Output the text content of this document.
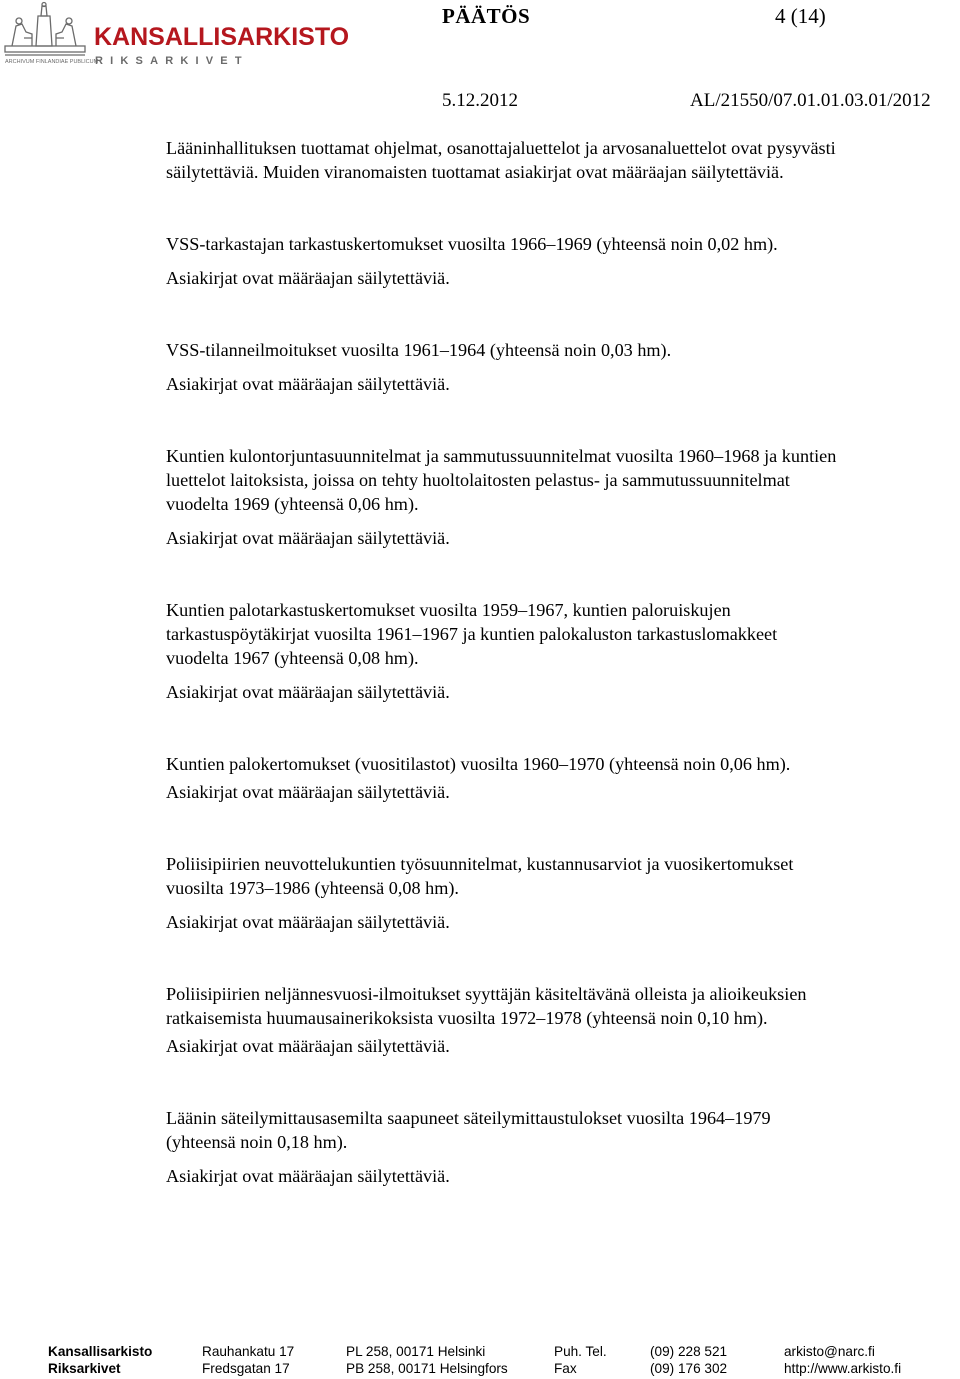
ARCHIVUM FINLANDIAE PUBLICUM
KANSALLISARKISTO
RIKSARKIVET
PÄÄTÖS	4 (14)
5.12.2012	AL/21550/07.01.01.03.01/2012

Lääninhallituksen tuottamat ohjelmat, osanottajaluettelot ja arvosanaluettelot ovat pysyvästi
säilytettäviä. Muiden viranomaisten tuottamat asiakirjat ovat määräajan säilytettäviä.

VSS-tarkastajan tarkastuskertomukset vuosilta 1966–1969 (yhteensä noin 0,02 hm).

Asiakirjat ovat määräajan säilytettäviä.

VSS-tilanneilmoitukset vuosilta 1961–1964 (yhteensä noin 0,03 hm).

Asiakirjat ovat määräajan säilytettäviä.

Kuntien kulontorjuntasuunnitelmat ja sammutussuunnitelmat vuosilta 1960–1968 ja kuntien
luettelot laitoksista, joissa on tehty huoltolaitosten pelastus- ja sammutussuunnitelmat
vuodelta 1969 (yhteensä 0,06 hm).

Asiakirjat ovat määräajan säilytettäviä.

Kuntien palotarkastuskertomukset vuosilta 1959–1967, kuntien paloruiskujen
tarkastuspöytäkirjat vuosilta 1961–1967 ja kuntien palokaluston tarkastuslomakkeet
vuodelta 1967 (yhteensä 0,08 hm).

Asiakirjat ovat määräajan säilytettäviä.

Kuntien palokertomukset (vuositilastot) vuosilta 1960–1970 (yhteensä noin 0,06 hm).

Asiakirjat ovat määräajan säilytettäviä.

Poliisipiirien neuvottelukuntien työsuunnitelmat, kustannusarviot ja vuosikertomukset
vuosilta 1973–1986 (yhteensä 0,08 hm).

Asiakirjat ovat määräajan säilytettäviä.

Poliisipiirien neljännesvuosi-ilmoitukset syyttäjän käsiteltävänä olleista ja alioikeuksien
ratkaisemista huumausainerikoksista vuosilta 1972–1978 (yhteensä noin 0,10 hm).

Asiakirjat ovat määräajan säilytettäviä.

Läänin säteilymittausasemilta saapuneet säteilymittaustulokset vuosilta 1964–1979
(yhteensä noin 0,18 hm).

Asiakirjat ovat määräajan säilytettäviä.

Kansallisarkisto	Rauhankatu 17	PL 258, 00171 Helsinki	Puh. Tel.	(09) 228 521	arkisto@narc.fi
Riksarkivet	Fredsgatan 17	PB 258, 00171 Helsingfors	Fax	(09) 176 302	http://www.arkisto.fi
